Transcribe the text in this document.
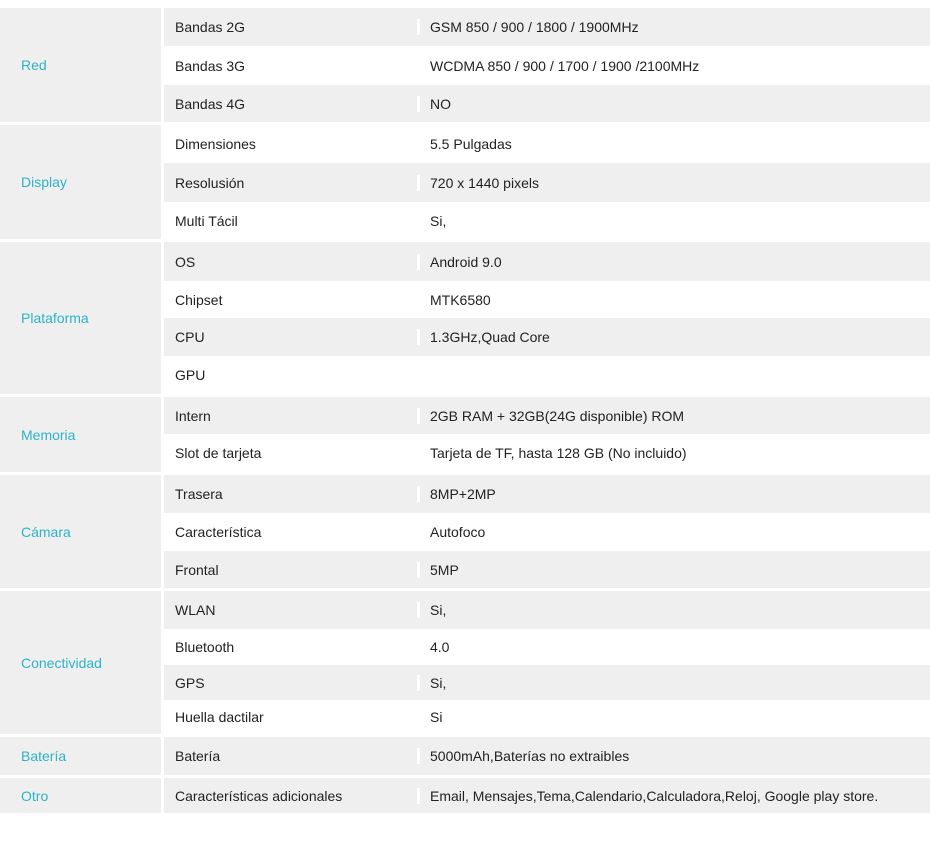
Red
Bandas 2G	GSM 850 / 900 / 1800 / 1900MHz
Bandas 3G	WCDMA 850 / 900 / 1700 / 1900 /2100MHz
Bandas 4G	NO
Display
Dimensiones	5.5 Pulgadas
Resolusión	720 x 1440 pixels
Multi Tácil	Si,
Plataforma
OS	Android 9.0
Chipset	MTK6580
CPU	1.3GHz,Quad Core
GPU
Memoria
Intern	2GB RAM + 32GB(24G disponible) ROM
Slot de tarjeta	Tarjeta de TF, hasta 128 GB (No incluido)
Cámara
Trasera	8MP+2MP
Característica	Autofoco
Frontal	5MP
Conectividad
WLAN	Si,
Bluetooth	4.0
GPS	Si,
Huella dactilar	Si
Batería	Batería	5000mAh,Baterías no extraibles
Otro	Características adicionales	Email, Mensajes,Tema,Calendario,Calculadora,Reloj, Google play store.
